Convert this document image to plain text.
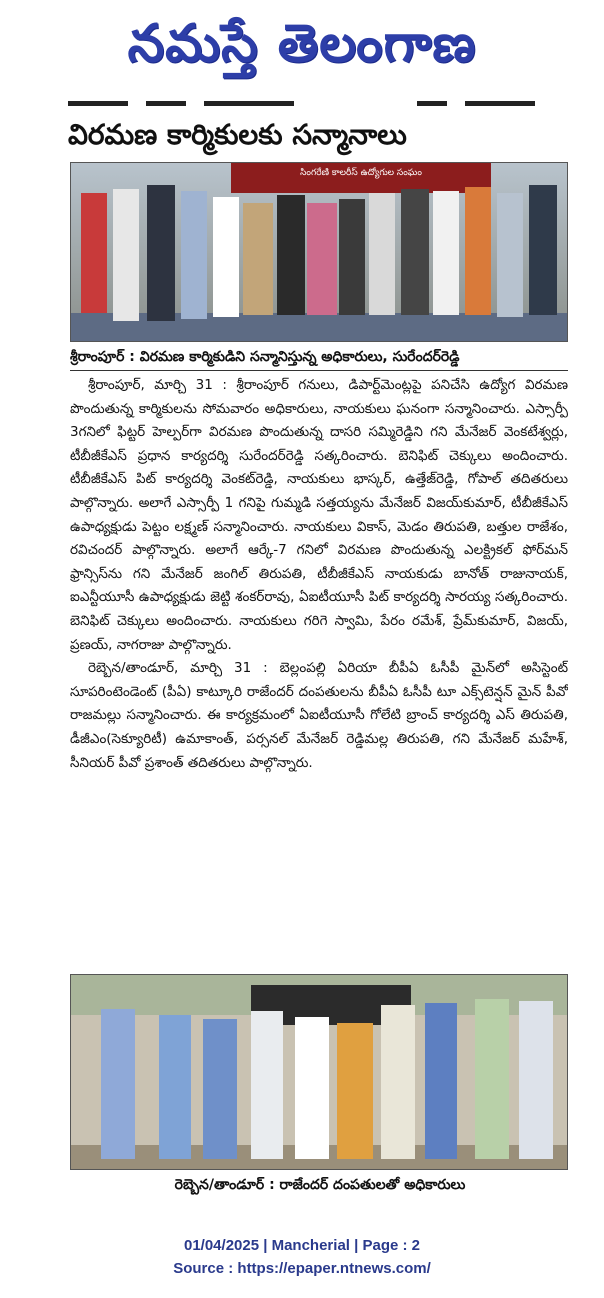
నమస్తే తెలంగాణ

విరమణ కార్మికులకు సన్మానాలు
సింగరేణి కాలరీస్ ఉద్యోగుల సంఘం
శ్రీరాంపూర్ : విరమణ కార్మికుడిని సన్మానిస్తున్న అధికారులు, సురేందర్‌రెడ్డి

శ్రీరాంపూర్, మార్చి 31 : శ్రీరాంపూర్ గనులు, డిపార్ట్‌మెంట్లపై పనిచేసి ఉద్యోగ విరమణ పొందుతున్న కార్మికులను సోమవారం అధికారులు, నాయకులు ఘనంగా సన్మానించారు. ఎస్సార్పీ 3గనిలో ఫిట్టర్ హెల్పర్‌గా విరమణ పొందుతున్న దాసరి సమ్మిరెడ్డిని గని మేనేజర్ వెంకటేశ్వర్లు, టీబీజీకేఎస్ ప్రధాన కార్యదర్శి సురేందర్‌రెడ్డి సత్కరించారు. బెనిఫిట్ చెక్కులు అందించారు. టీబీజీకేఎస్ పిట్ కార్యదర్శి వెంకట్‌రెడ్డి, నాయకులు భాస్కర్, ఉత్తేజ్‌రెడ్డి, గోపాల్ తదితరులు పాల్గొన్నారు. అలాగే ఎస్సార్పీ 1 గనిపై గుమ్మడి సత్తయ్యను మేనేజర్ విజయ్‌కుమార్, టీబీజీకేఎస్ ఉపాధ్యక్షుడు పెట్టం లక్ష్మణ్ సన్మానించారు. నాయకులు వికాస్, మెడం తిరుపతి, బత్తుల రాజేశం, రవిచందర్ పాల్గొన్నారు. అలాగే ఆర్కే-7 గనిలో విరమణ పొందుతున్న ఎలక్ట్రికల్ ఫోర్‌మన్ ఫ్రాన్సిస్‌ను గని మేనేజర్ జంగిల్ తిరుపతి, టీబీజీకేఎస్ నాయకుడు బానోత్ రాజునాయక్, ఐఎన్టీయూసీ ఉపాధ్యక్షుడు జెట్టి శంకర్‌రావు, ఏఐటీయూసీ పిట్ కార్యదర్శి సారయ్య సత్కరించారు. బెనిఫిట్ చెక్కులు అందించారు. నాయకులు గరిగె స్వామి, పేరం రమేశ్, ప్రేమ్‌కుమార్, విజయ్, ప్రణయ్, నాగరాజు పాల్గొన్నారు.

రెబ్బెన/తాండూర్, మార్చి 31 : బెల్లంపల్లి ఏరియా బీపీఏ ఓసీపీ మైన్‌లో అసిస్టెంట్ సూపరింటెండెంట్ (పీఏ) కాట్కూరి రాజేందర్ దంపతులను బీపీఏ ఓసీపీ టూ ఎక్స్‌టెన్షన్ మైన్ పీవో రాజమల్లు సన్మానించారు. ఈ కార్యక్రమంలో ఏఐటీయూసీ గోలేటి బ్రాంచ్ కార్యదర్శి ఎస్ తిరుపతి, డీజీఎం(సెక్యూరిటీ) ఉమాకాంత్, పర్సనల్ మేనేజర్ రెడ్డిమల్ల తిరుపతి, గని మేనేజర్ మహేశ్, సీనియర్ పీవో ప్రశాంత్ తదితరులు పాల్గొన్నారు.

రెబ్బెన/తాండూర్ : రాజేందర్ దంపతులతో అధికారులు
01/04/2025 | Mancherial | Page : 2
Source : https://epaper.ntnews.com/
